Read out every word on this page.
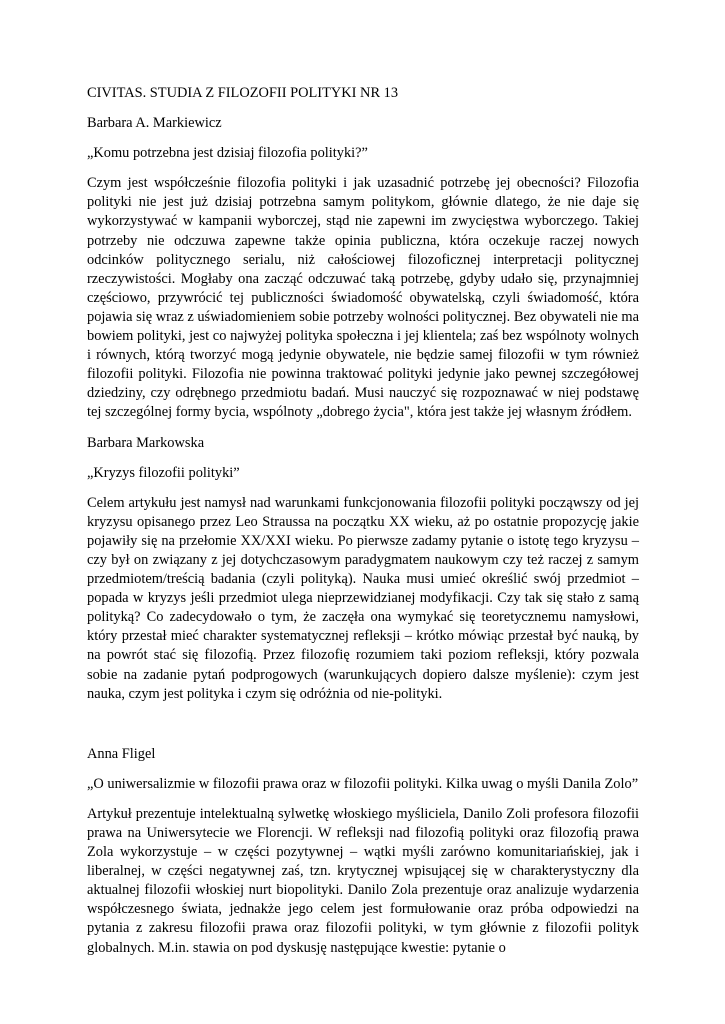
CIVITAS. STUDIA Z FILOZOFII POLITYKI NR 13

Barbara A. Markiewicz

„Komu potrzebna jest dzisiaj filozofia polityki?”

Czym jest współcześnie filozofia polityki i jak uzasadnić potrzebę jej obecności? Filozofia polityki nie jest już dzisiaj potrzebna samym politykom, głównie dlatego, że nie daje się wykorzystywać w kampanii wyborczej, stąd nie zapewni im zwycięstwa wyborczego. Takiej potrzeby nie odczuwa zapewne także opinia publiczna, która oczekuje raczej nowych odcinków politycznego serialu, niż całościowej filozoficznej interpretacji politycznej rzeczywistości. Mogłaby ona zacząć odczuwać taką potrzebę, gdyby udało się, przynajmniej częściowo, przywrócić tej publiczności świadomość obywatelską, czyli świadomość, która pojawia się wraz z uświadomieniem sobie potrzeby wolności politycznej. Bez obywateli nie ma bowiem polityki, jest co najwyżej polityka społeczna i jej klientela; zaś bez wspólnoty wolnych i równych, którą tworzyć mogą jedynie obywatele, nie będzie samej filozofii w tym również filozofii polityki. Filozofia nie powinna traktować polityki jedynie jako pewnej szczegółowej dziedziny, czy odrębnego przedmiotu badań. Musi nauczyć się rozpoznawać w niej podstawę tej szczególnej formy bycia, wspólnoty „dobrego życia", która jest także jej własnym źródłem.

Barbara Markowska

„Kryzys filozofii polityki”

Celem artykułu jest namysł nad warunkami funkcjonowania filozofii polityki począwszy od jej kryzysu opisanego przez Leo Straussa na początku XX wieku, aż po ostatnie propozycję jakie pojawiły się na przełomie XX/XXI wieku. Po pierwsze zadamy pytanie o istotę tego kryzysu – czy był on związany z jej dotychczasowym paradygmatem naukowym czy też raczej z samym przedmiotem/treścią badania (czyli polityką). Nauka musi umieć określić swój przedmiot – popada w kryzys jeśli przedmiot ulega nieprzewidzianej modyfikacji. Czy tak się stało z samą polityką? Co zadecydowało o tym, że zaczęła ona wymykać się teoretycznemu namysłowi, który przestał mieć charakter systematycznej refleksji – krótko mówiąc przestał być nauką, by na powrót stać się filozofią. Przez filozofię rozumiem taki poziom refleksji, który pozwala sobie na zadanie pytań podprogowych (warunkujących dopiero dalsze myślenie): czym jest nauka, czym jest polityka i czym się odróżnia od nie-polityki.

Anna Fligel

„O uniwersalizmie w filozofii prawa oraz w filozofii polityki. Kilka uwag o myśli Danila Zolo”

Artykuł prezentuje intelektualną sylwetkę włoskiego myśliciela, Danilo Zoli profesora filozofii prawa na Uniwersytecie we Florencji. W refleksji nad filozofią polityki oraz filozofią prawa Zola wykorzystuje – w części pozytywnej – wątki myśli zarówno komunitariańskiej, jak i liberalnej, w części negatywnej zaś, tzn. krytycznej wpisującej się w charakterystyczny dla aktualnej filozofii włoskiej nurt biopolityki. Danilo Zola prezentuje oraz analizuje wydarzenia współczesnego świata, jednakże jego celem jest formułowanie oraz próba odpowiedzi na pytania z zakresu filozofii prawa oraz filozofii polityki, w tym głównie z filozofii polityk globalnych. M.in. stawia on pod dyskusję następujące kwestie: pytanie o
